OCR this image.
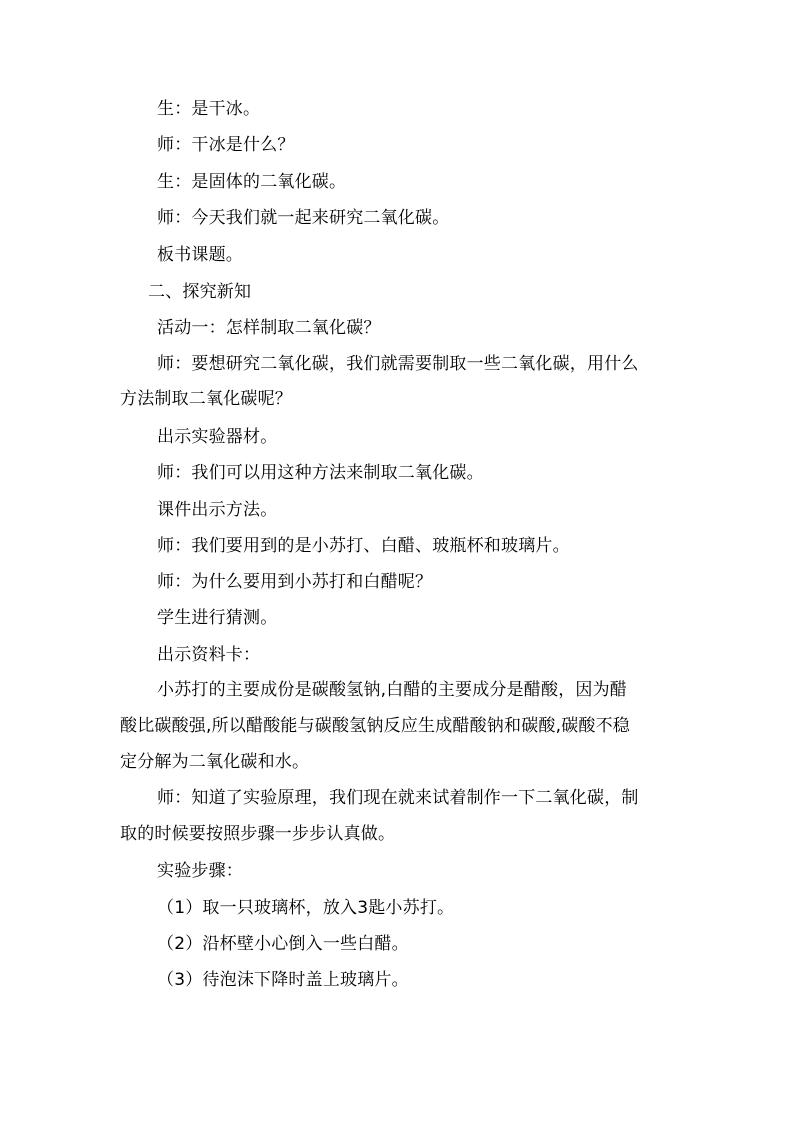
生：是干冰。
师：干冰是什么？
生：是固体的二氧化碳。
师：今天我们就一起来研究二氧化碳。
板书课题。
二、探究新知
活动一：怎样制取二氧化碳？
师：要想研究二氧化碳，我们就需要制取一些二氧化碳，用什么
方法制取二氧化碳呢？
出示实验器材。
师：我们可以用这种方法来制取二氧化碳。
课件出示方法。
师：我们要用到的是小苏打、白醋、玻瓶杯和玻璃片。
师：为什么要用到小苏打和白醋呢？
学生进行猜测。
出示资料卡：
小苏打的主要成份是碳酸氢钠,白醋的主要成分是醋酸，因为醋
酸比碳酸强,所以醋酸能与碳酸氢钠反应生成醋酸钠和碳酸,碳酸不稳
定分解为二氧化碳和水。
师：知道了实验原理，我们现在就来试着制作一下二氧化碳，制
取的时候要按照步骤一步步认真做。
实验步骤：
（1）取一只玻璃杯，放入3匙小苏打。
（2）沿杯壁小心倒入一些白醋。
（3）待泡沫下降时盖上玻璃片。
